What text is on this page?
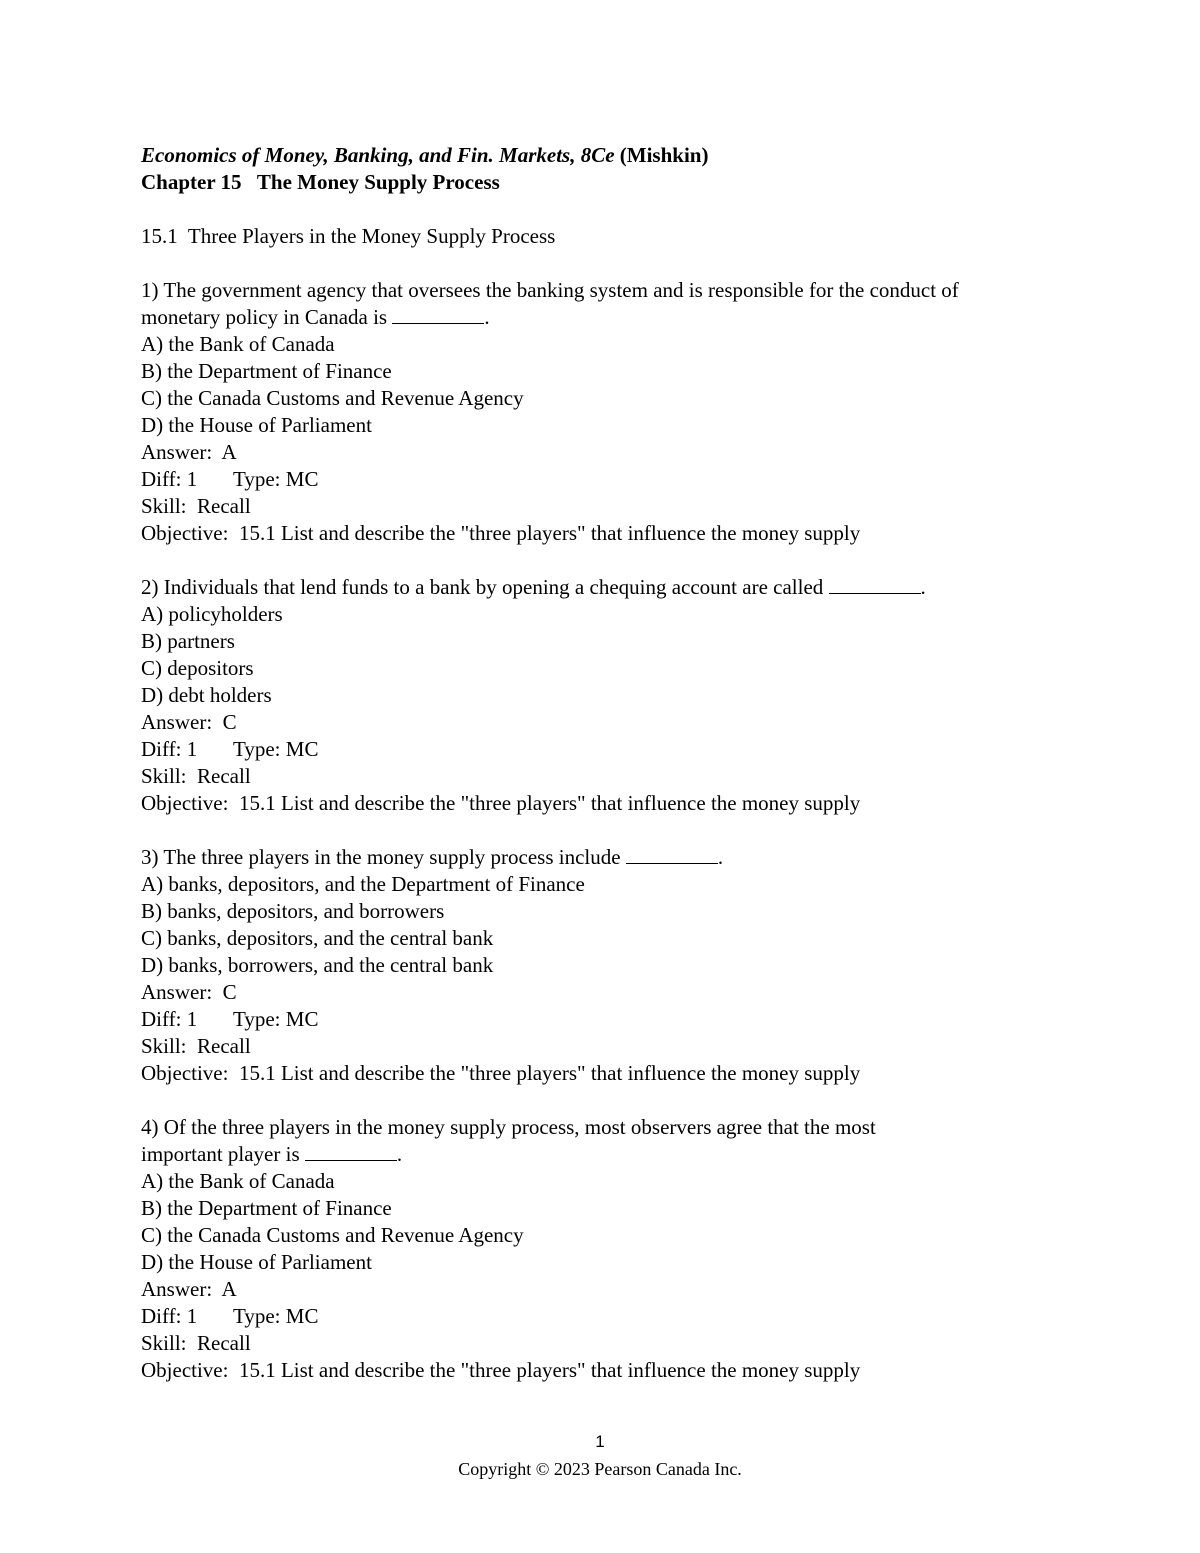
Economics of Money, Banking, and Fin. Markets, 8Ce (Mishkin)
Chapter 15   The Money Supply Process
15.1  Three Players in the Money Supply Process
1) The government agency that oversees the banking system and is responsible for the conduct of
monetary policy in Canada is	.
A) the Bank of Canada
B) the Department of Finance
C) the Canada Customs and Revenue Agency
D) the House of Parliament
Answer:  A
Diff: 1 Type: MC
Skill:  Recall
Objective:  15.1 List and describe the "three players" that influence the money supply
2) Individuals that lend funds to a bank by opening a chequing account are called	.
A) policyholders
B) partners
C) depositors
D) debt holders
Answer:  C
Diff: 1 Type: MC
Skill:  Recall
Objective:  15.1 List and describe the "three players" that influence the money supply
3) The three players in the money supply process include	.
A) banks, depositors, and the Department of Finance
B) banks, depositors, and borrowers
C) banks, depositors, and the central bank
D) banks, borrowers, and the central bank
Answer:  C
Diff: 1 Type: MC
Skill:  Recall
Objective:  15.1 List and describe the "three players" that influence the money supply
4) Of the three players in the money supply process, most observers agree that the most
important player is	.
A) the Bank of Canada
B) the Department of Finance
C) the Canada Customs and Revenue Agency
D) the House of Parliament
Answer:  A
Diff: 1 Type: MC
Skill:  Recall
Objective:  15.1 List and describe the "three players" that influence the money supply
1
Copyright © 2023 Pearson Canada Inc.
